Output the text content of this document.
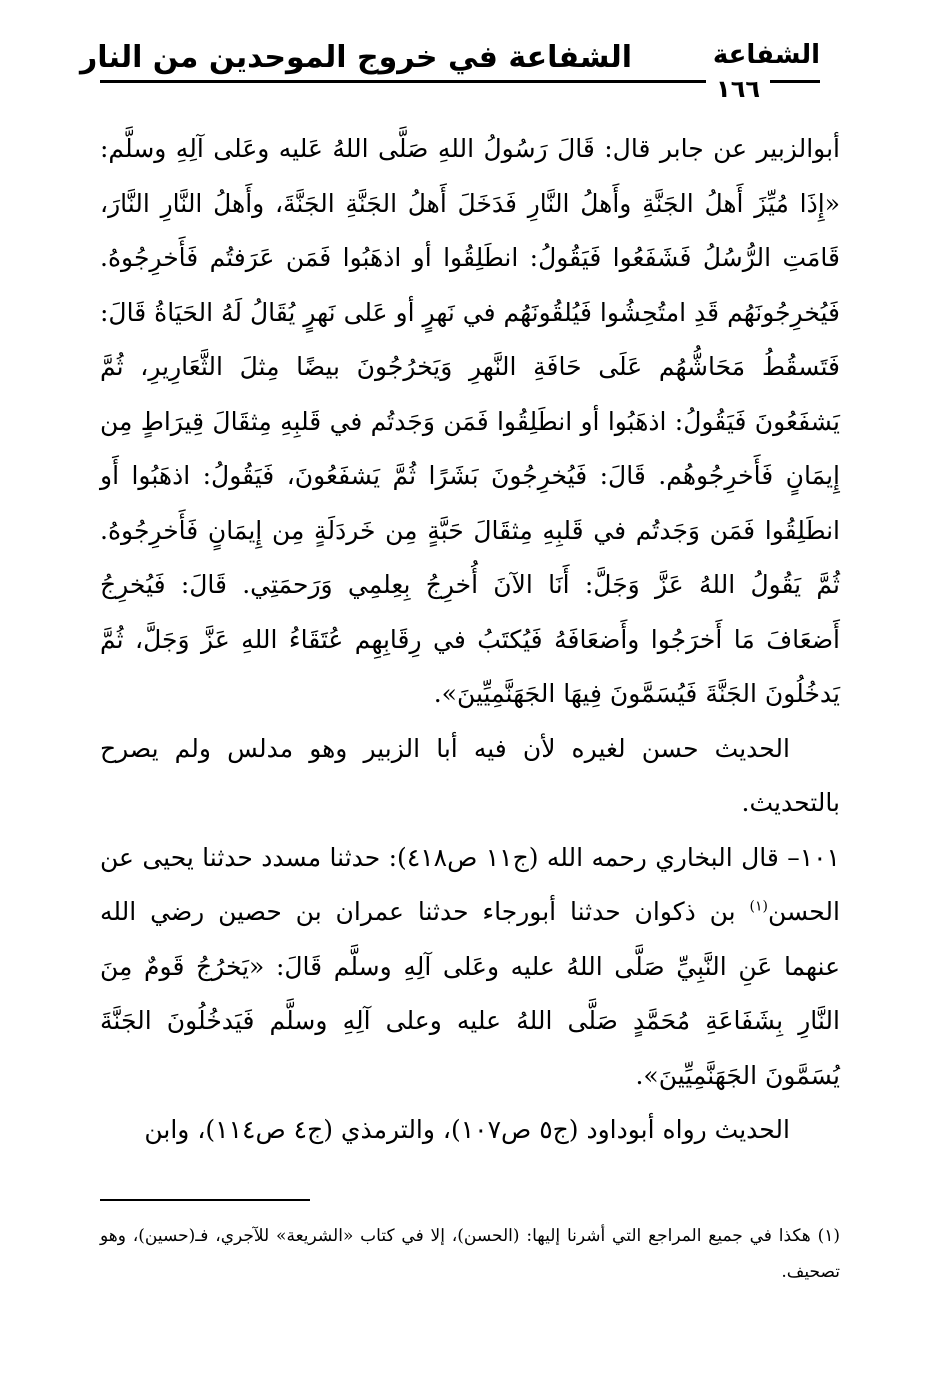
الشفاعة
الشفاعة في خروج الموحدين من النار
١٦٦

أبوالزبير عن جابر قال: قَالَ رَسُولُ اللهِ صَلَّى اللهُ عَليه وعَلى آلِهِ وسلَّم: «إِذَا مُيِّزَ أَهلُ الجَنَّةِ وأَهلُ النَّارِ فَدَخَلَ أَهلُ الجَنَّةِ الجَنَّةَ، وأَهلُ النَّارِ النَّارَ، قَامَتِ الرُّسُلُ فَشَفَعُوا فَيَقُولُ: انطَلِقُوا أو اذهَبُوا فَمَن عَرَفتُم فَأَخرِجُوهُ. فَيُخرِجُونَهُم قَدِ امتُحِشُوا فَيُلقُونَهُم في نَهرٍ أو عَلى نَهرٍ يُقَالُ لَهُ الحَيَاةُ قَالَ: فَتَسقُطُ مَحَاشُّهُم عَلَى حَافَةِ النَّهرِ وَيَخرُجُونَ بيضًا مِثلَ الثَّعَارِيرِ، ثُمَّ يَشفَعُونَ فَيَقُولُ: اذهَبُوا أو انطَلِقُوا فَمَن وَجَدتُم في قَلبِهِ مِثقَالَ قِيرَاطٍ مِن إِيمَانٍ فَأَخرِجُوهُم. قَالَ: فَيُخرِجُونَ بَشَرًا ثُمَّ يَشفَعُونَ، فَيَقُولُ: اذهَبُوا أَو انطَلِقُوا فَمَن وَجَدتُم في قَلبِهِ مِثقَالَ حَبَّةٍ مِن خَردَلَةٍ مِن إِيمَانٍ فَأَخرِجُوهُ. ثُمَّ يَقُولُ اللهُ عَزَّ وَجَلَّ: أَنَا الآنَ أُخرِجُ بِعِلمِي وَرَحمَتِي. قَالَ: فَيُخرِجُ أَضعَافَ مَا أَخرَجُوا وأَضعَافَهُ فَيُكتَبُ في رِقَابِهِم عُتَقَاءُ اللهِ عَزَّ وَجَلَّ، ثُمَّ يَدخُلُونَ الجَنَّةَ فَيُسَمَّونَ فِيهَا الجَهَنَّمِيِّينَ».

الحديث حسن لغيره لأن فيه أبا الزبير وهو مدلس ولم يصرح بالتحديث.

١٠١– قال البخاري رحمه الله (ج١١ ص٤١٨): حدثنا مسدد حدثنا يحيى عن الحسن$^{(١)}$ بن ذكوان حدثنا أبورجاء حدثنا عمران بن حصين رضي الله عنهما عَنِ النَّبِيِّ صَلَّى اللهُ عليه وعَلى آلِهِ وسلَّم قَالَ: «يَخرُجُ قَومٌ مِنَ النَّارِ بِشَفَاعَةِ مُحَمَّدٍ صَلَّى اللهُ عليه وعلى آلِهِ وسلَّم فَيَدخُلُونَ الجَنَّةَ يُسَمَّونَ الجَهَنَّمِيِّينَ».

الحديث رواه أبوداود (ج٥ ص١٠٧)، والترمذي (ج٤ ص١١٤)، وابن

(١) هكذا في جميع المراجع التي أشرنا إليها: (الحسن)، إلا في كتاب «الشريعة» للآجري، فـ(حسين)، وهو تصحيف.
